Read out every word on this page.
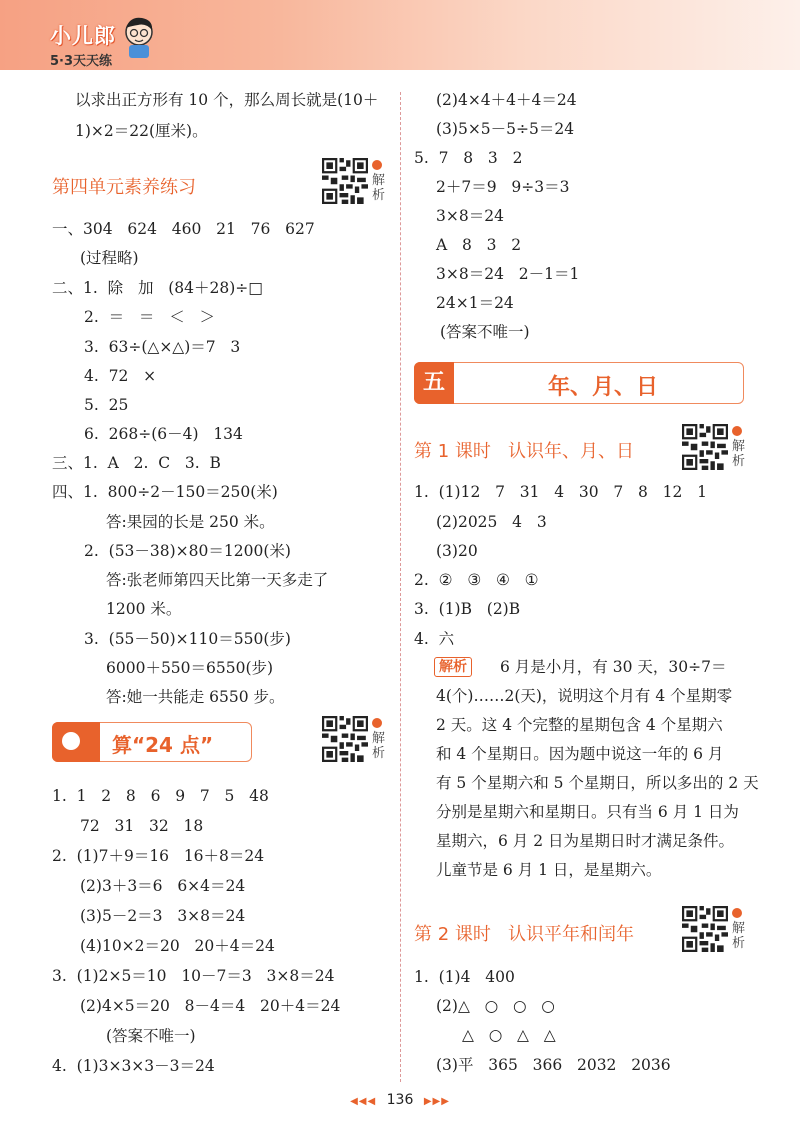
小儿郎
5·3天天练
以求出正方形有 10 个，那么周长就是(10＋
1)×2＝22(厘米)。
第四单元素养练习	解析
一、304   624   460   21   76   627
(过程略)
二、1.  除   加   (84＋28)÷□
2.  ＝   ＝   ＜   ＞
3.  63÷(△×△)＝7   3
4.  72   ×
5.  25
6.  268÷(6－4)   134
三、1.  A   2.  C   3.  B
四、1.  800÷2－150＝250(米)
答:果园的长是 250 米。
2.  (53－38)×80＝1200(米)
答:张老师第四天比第一天多走了
1200 米。
3.  (55－50)×110＝550(步)
6000＋550＝6550(步)
答:她一共能走 6550 步。
算“24 点”	解析
1.  1   2   8   6   9   7   5   48
72   31   32   18
2.  (1)7＋9＝16   16＋8＝24
(2)3＋3＝6   6×4＝24
(3)5－2＝3   3×8＝24
(4)10×2＝20   20＋4＝24
3.  (1)2×5＝10   10－7＝3   3×8＝24
(2)4×5＝20   8－4＝4   20＋4＝24
(答案不唯一)
4.  (1)3×3×3－3＝24
(2)4×4＋4＋4＝24
(3)5×5－5÷5＝24
5.  7   8   3   2
2＋7＝9   9÷3＝3
3×8＝24
A   8   3   2
3×8＝24   2－1＝1
24×1＝24
(答案不唯一)
五	年、月、日
第 1 课时   认识年、月、日	解析
1.  (1)12   7   31   4   30   7   8   12   1
(2)2025   4   3
(3)20
2.  ②   ③   ④   ①
3.  (1)B   (2)B
4.  六
解析	6 月是小月，有 30 天，30÷7＝
4(个)……2(天)，说明这个月有 4 个星期零
2 天。这 4 个完整的星期包含 4 个星期六
和 4 个星期日。因为题中说这一年的 6 月
有 5 个星期六和 5 个星期日，所以多出的 2 天
分别是星期六和星期日。只有当 6 月 1 日为
星期六，6 月 2 日为星期日时才满足条件。
儿童节是 6 月 1 日，是星期六。
第 2 课时   认识平年和闰年	解析
1.  (1)4   400
(2)△   ○   ○   ○
△   ○   △   △
(3)平   365   366   2032   2036
◀◀◀ 136 ▶▶▶
